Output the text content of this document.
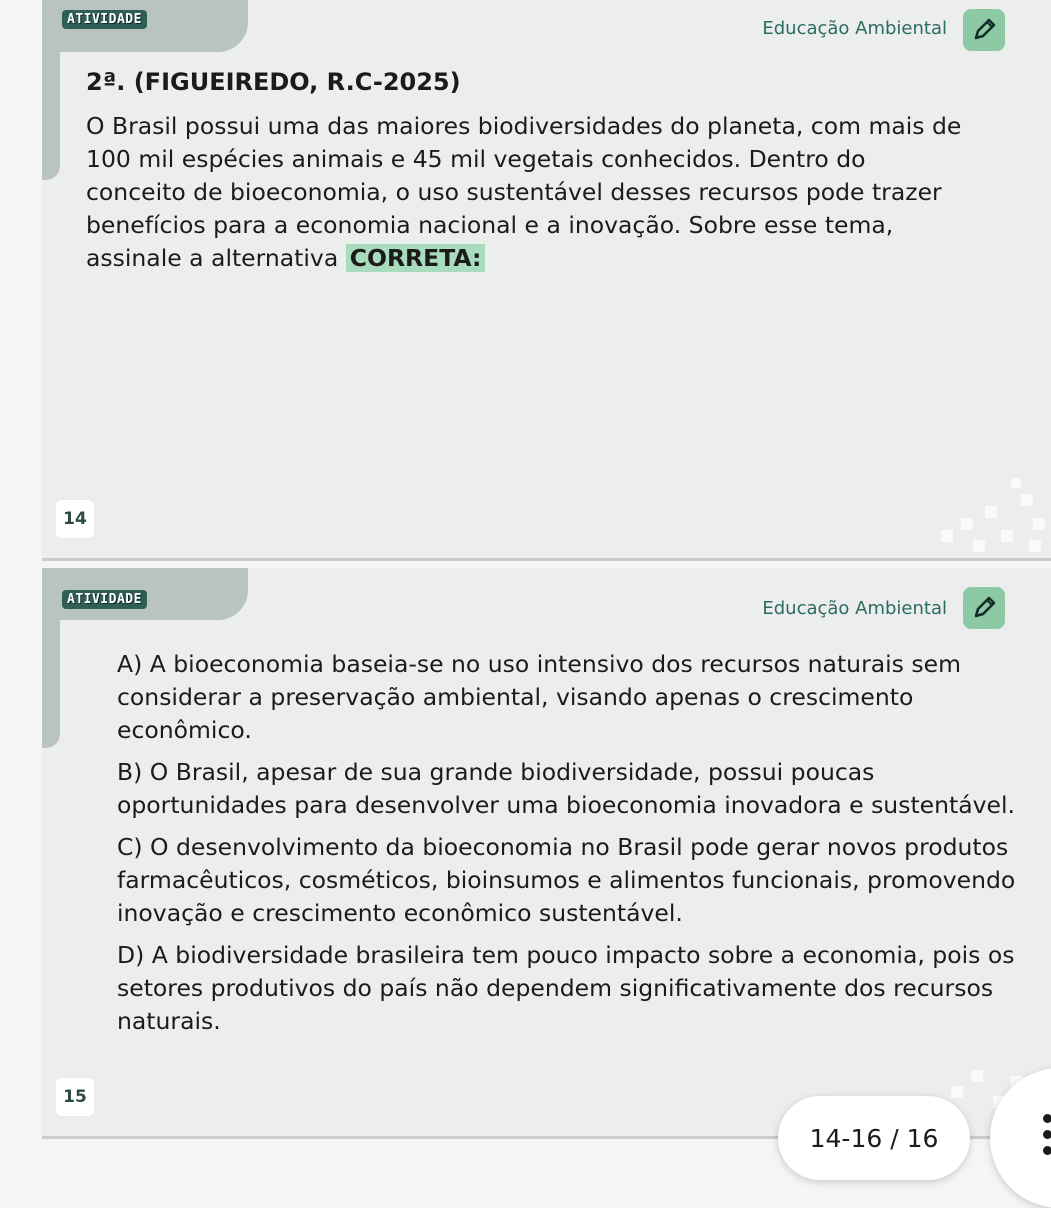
ATIVIDADE	Educação Ambiental
2ª. (FIGUEIREDO, R.C-2025)
O Brasil possui uma das maiores biodiversidades do planeta, com mais de 100 mil espécies animais e 45 mil vegetais conhecidos. Dentro do conceito de bioeconomia, o uso sustentável desses recursos pode trazer benefícios para a economia nacional e a inovação. Sobre esse tema, assinale a alternativa CORRETA:
14
ATIVIDADE	Educação Ambiental

A) A bioeconomia baseia-se no uso intensivo dos recursos naturais sem considerar a preservação ambiental, visando apenas o crescimento econômico.

B) O Brasil, apesar de sua grande biodiversidade, possui poucas oportunidades para desenvolver uma bioeconomia inovadora e sustentável.

C) O desenvolvimento da bioeconomia no Brasil pode gerar novos produtos farmacêuticos, cosméticos, bioinsumos e alimentos funcionais, promovendo inovação e crescimento econômico sustentável.

D) A biodiversidade brasileira tem pouco impacto sobre a economia, pois os setores produtivos do país não dependem significativamente dos recursos naturais.

15
14-16 / 16
